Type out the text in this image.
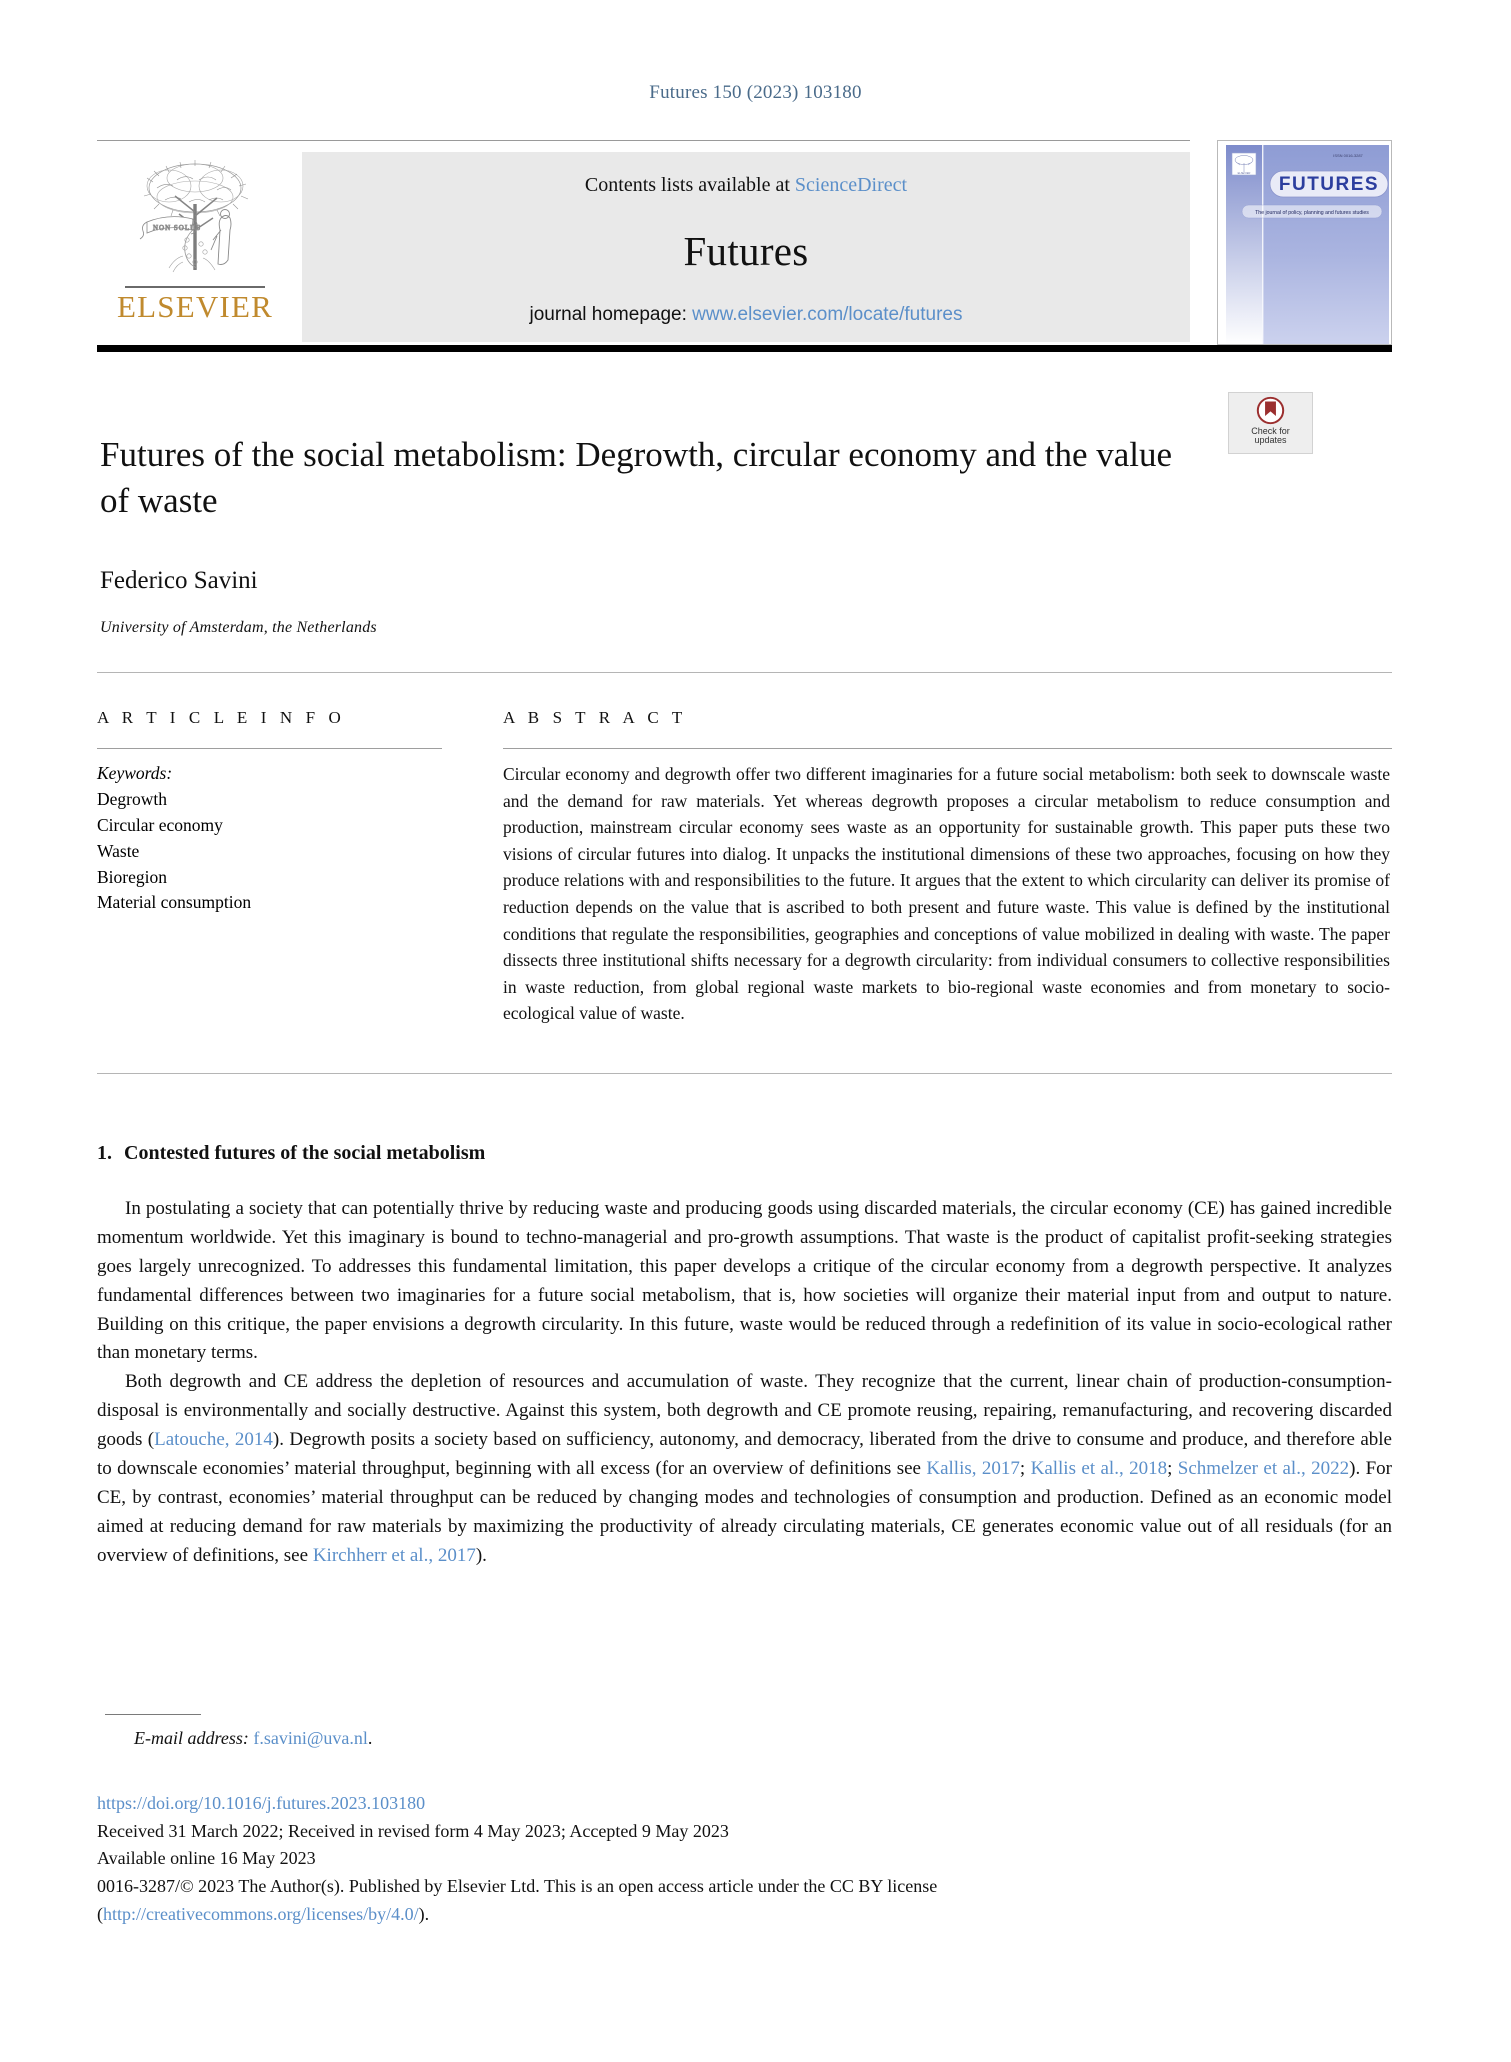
Futures 150 (2023) 103180
NON SOLUS
ELSEVIER
Contents lists available at ScienceDirect
Futures
journal homepage: www.elsevier.com/locate/futures
ELSEVIER
ISSN 0016-3287
FUTURES
The journal of policy, planning and futures studies
Check for
updates
Futures of the social metabolism: Degrowth, circular economy and the value of waste
Federico Savini
University of Amsterdam, the Netherlands
A R T I C L E I N F O
Keywords:
Degrowth
Circular economy
Waste
Bioregion
Material consumption
A B S T R A C T
Circular economy and degrowth offer two different imaginaries for a future social metabolism: both seek to downscale waste and the demand for raw materials. Yet whereas degrowth proposes a circular metabolism to reduce consumption and production, mainstream circular economy sees waste as an opportunity for sustainable growth. This paper puts these two visions of circular futures into dialog. It unpacks the institutional dimensions of these two approaches, focusing on how they produce relations with and responsibilities to the future. It argues that the extent to which circularity can deliver its promise of reduction depends on the value that is ascribed to both present and future waste. This value is defined by the institutional conditions that regulate the responsibilities, geographies and conceptions of value mobilized in dealing with waste. The paper dissects three institutional shifts necessary for a degrowth circularity: from individual consumers to collective responsibilities in waste reduction, from global regional waste markets to bio-regional waste economies and from monetary to socio-ecological value of waste.
1. Contested futures of the social metabolism

In postulating a society that can potentially thrive by reducing waste and producing goods using discarded materials, the circular economy (CE) has gained incredible momentum worldwide. Yet this imaginary is bound to techno-managerial and pro-growth assumptions. That waste is the product of capitalist profit-seeking strategies goes largely unrecognized. To addresses this fundamental limitation, this paper develops a critique of the circular economy from a degrowth perspective. It analyzes fundamental differences between two imaginaries for a future social metabolism, that is, how societies will organize their material input from and output to nature. Building on this critique, the paper envisions a degrowth circularity. In this future, waste would be reduced through a redefinition of its value in socio-ecological rather than monetary terms.

Both degrowth and CE address the depletion of resources and accumulation of waste. They recognize that the current, linear chain of production-consumption-disposal is environmentally and socially destructive. Against this system, both degrowth and CE promote reusing, repairing, remanufacturing, and recovering discarded goods (Latouche, 2014). Degrowth posits a society based on sufficiency, autonomy, and democracy, liberated from the drive to consume and produce, and therefore able to downscale economies’ material throughput, beginning with all excess (for an overview of definitions see Kallis, 2017; Kallis et al., 2018; Schmelzer et al., 2022). For CE, by contrast, economies’ material throughput can be reduced by changing modes and technologies of consumption and production. Defined as an economic model aimed at reducing demand for raw materials by maximizing the productivity of already circulating materials, CE generates economic value out of all residuals (for an overview of definitions, see Kirchherr et al., 2017).

E-mail address: f.savini@uva.nl.
https://doi.org/10.1016/j.futures.2023.103180
Received 31 March 2022; Received in revised form 4 May 2023; Accepted 9 May 2023
Available online 16 May 2023
0016-3287/© 2023 The Author(s). Published by Elsevier Ltd. This is an open access article under the CC BY license
(http://creativecommons.org/licenses/by/4.0/).
